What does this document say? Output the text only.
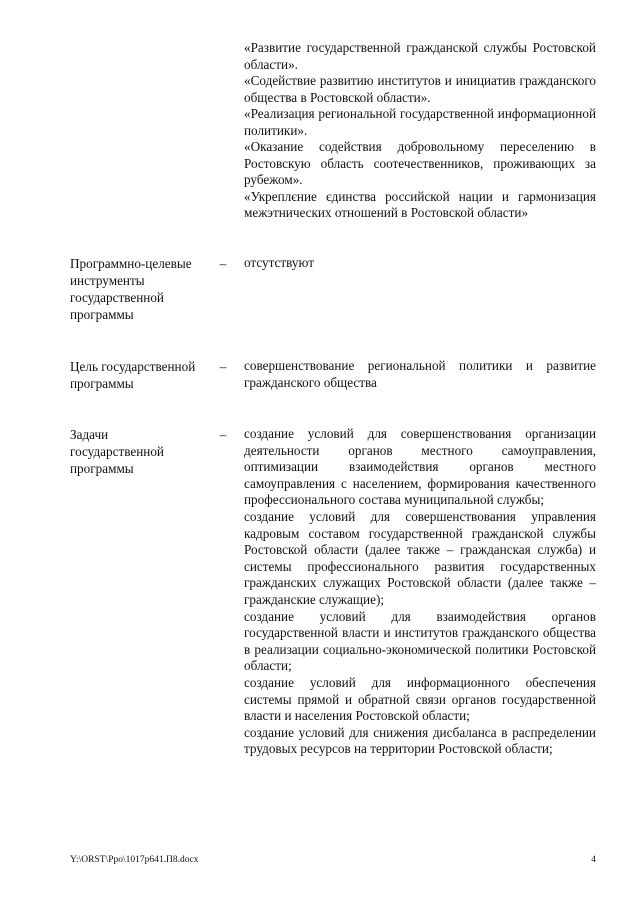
«Развитие государственной гражданской службы Ростовской области».

«Содействие развитию институтов и инициатив гражданского общества в Ростовской области».

«Реализация региональной государственной информационной политики».

«Оказание содействия добровольному переселению в Ростовскую область соотечественников, проживающих за рубежом».

«Укреплєние єдинства российской нации и гармонизация межэтнических отношений в Ростовской области»

Программно-целевые инструменты государственной программы
– отсутствуют
Цель государственной программы
– совершенствование региональной политики и развитие гражданского общества

Задачи государственной программы
– создание условий для совершенствования организации деятельности органов местного самоуправления, оптимизации взаимодействия органов местного самоуправления с населением, формирования качественного профессионального состава муниципальной службы;

создание условий для совершенствования управления кадровым составом государственной гражданской службы Ростовской области (далее также – гражданская служба) и системы профессионального развития государственных гражданских служащих Ростовской области (далее также – гражданские служащие);

создание условий для взаимодействия органов государственной власти и институтов гражданского общества в реализации социально-экономической политики Ростовской области;

создание условий для информационного обеспечения системы прямой и обратной связи органов государственной власти и населения Ростовской области;

создание условий для снижения дисбаланса в распределении трудовых ресурсов на территории Ростовской области;

Y:\ORST\Ppo\1017p641.П8.docx	4
